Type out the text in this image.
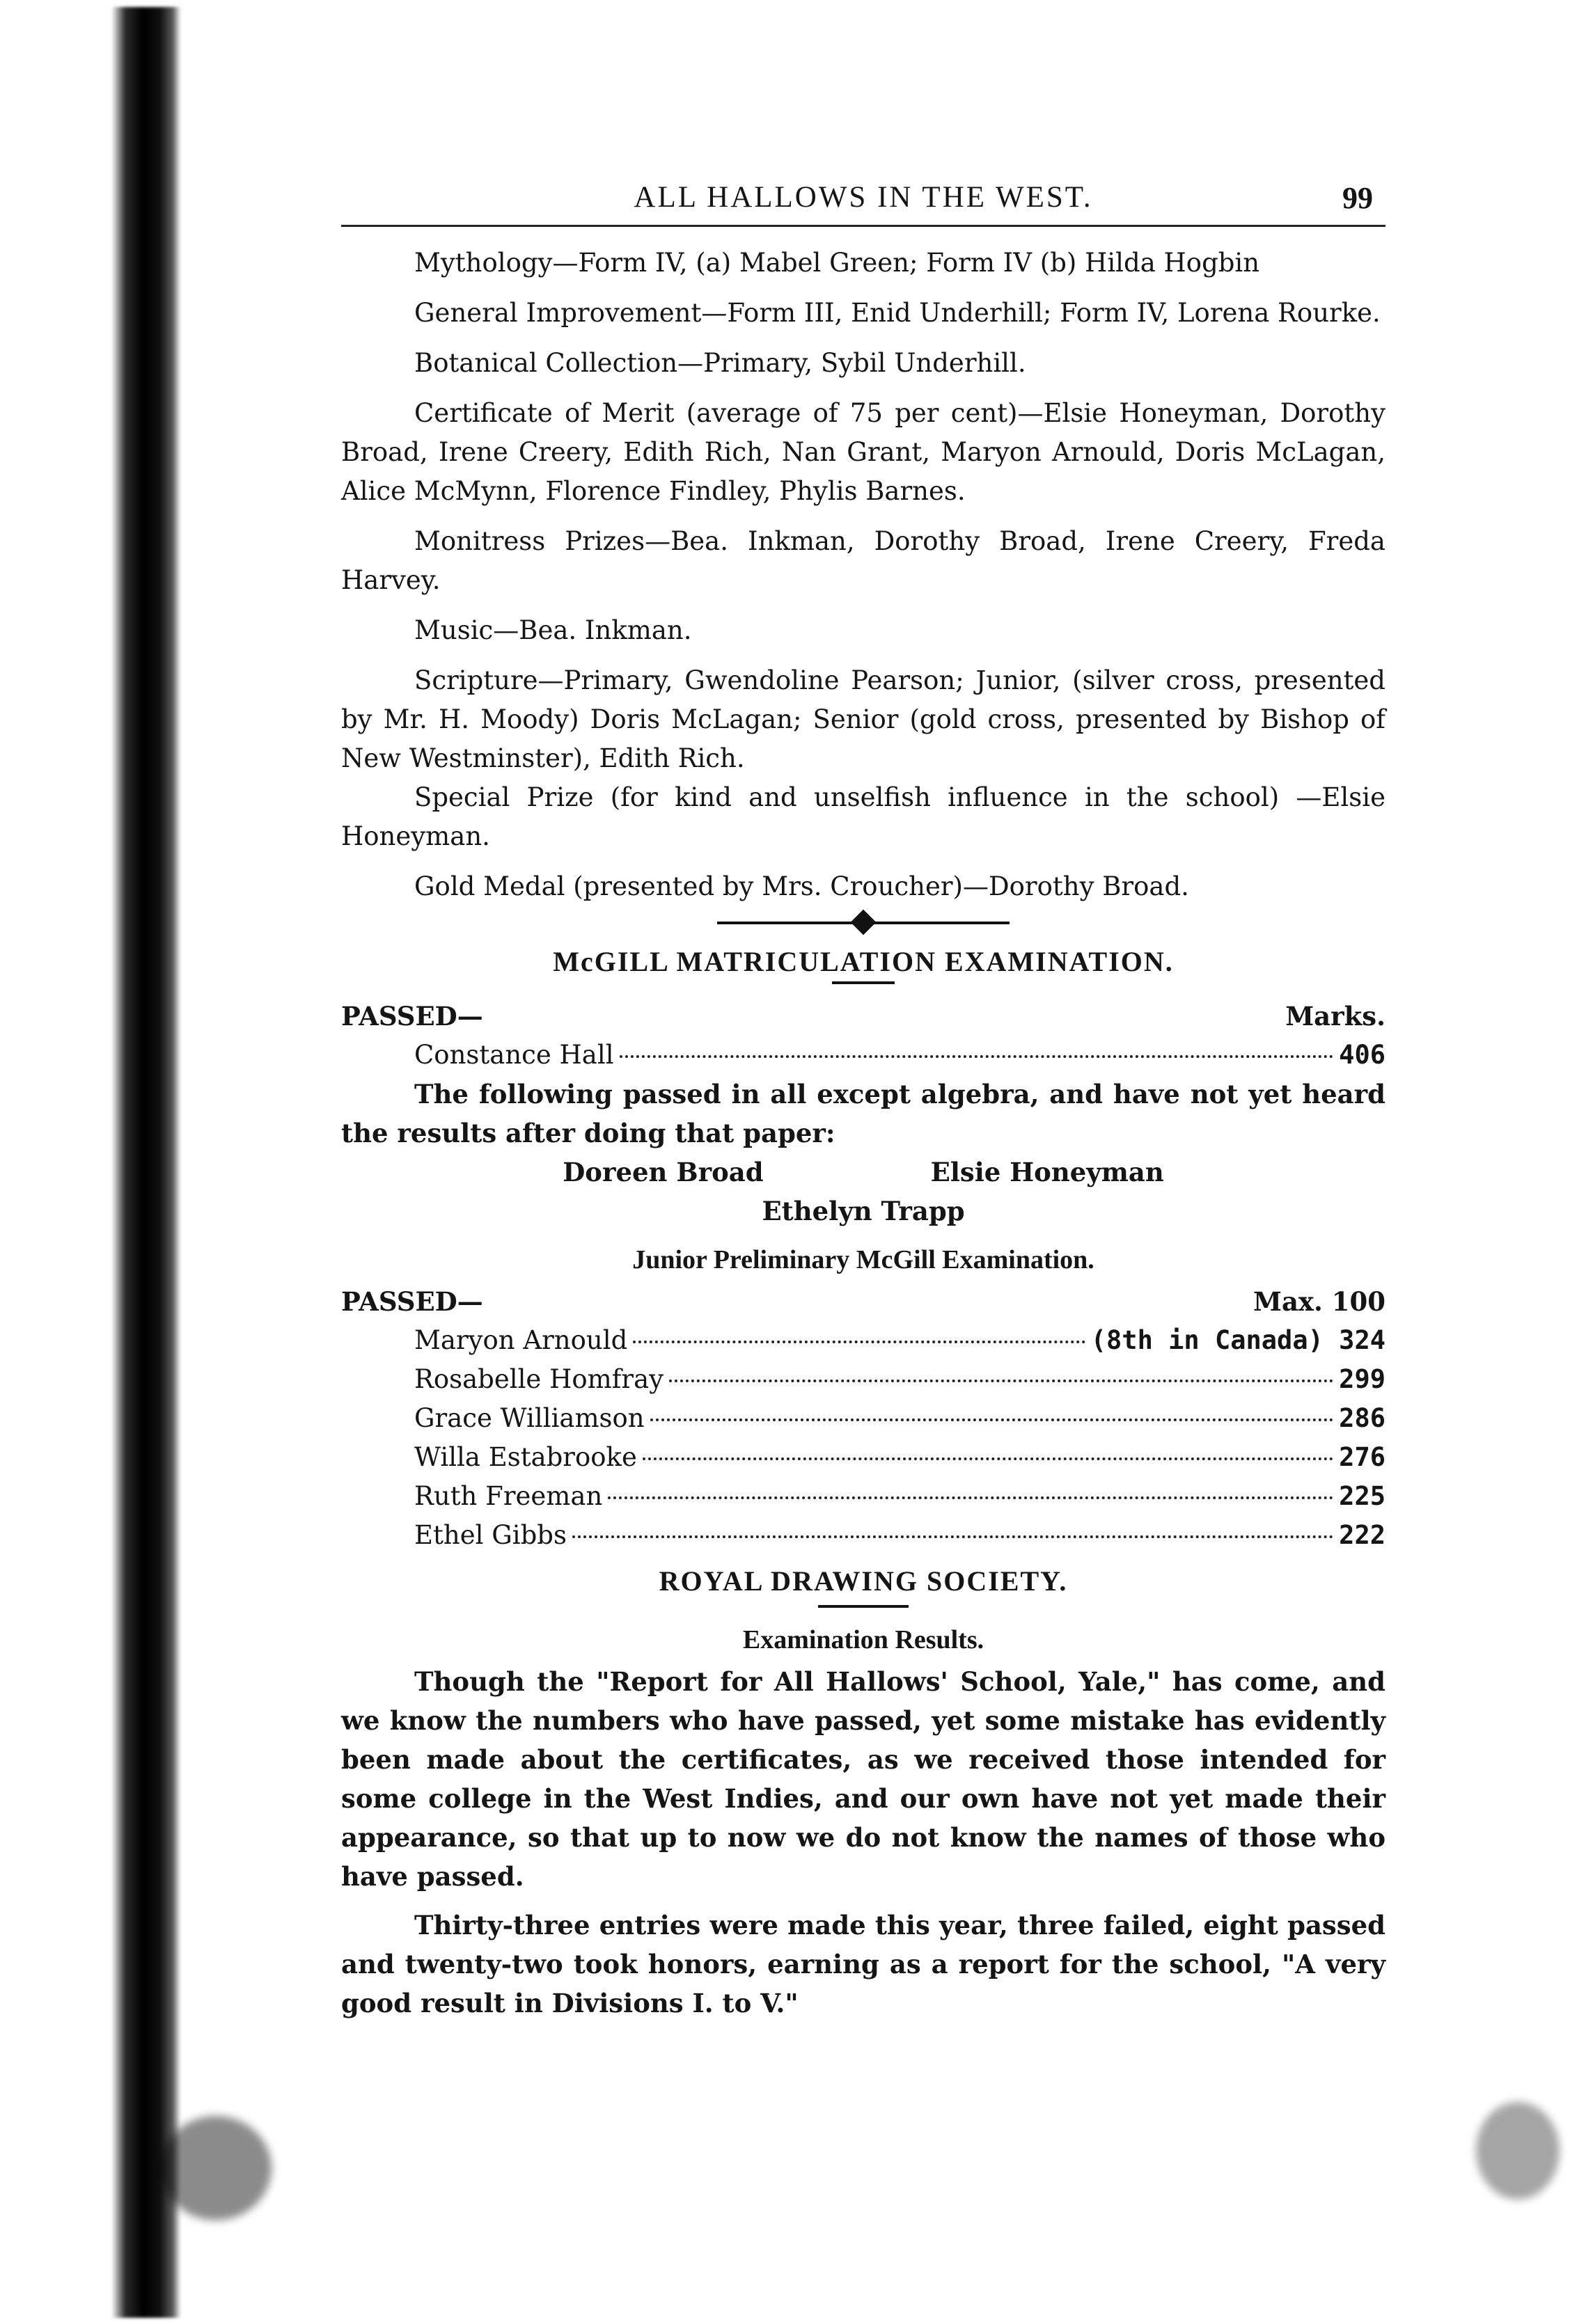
ALL HALLOWS IN THE WEST.	99

Mythology—Form IV, (a) Mabel Green; Form IV (b) Hilda Hogbin

General Improvement—Form III, Enid Underhill; Form IV, Lorena Rourke.

Botanical Collection—Primary, Sybil Underhill.

Certificate of Merit (average of 75 per cent)—Elsie Honeyman, Dorothy Broad, Irene Creery, Edith Rich, Nan Grant, Maryon Arnould, Doris McLagan, Alice McMynn, Florence Findley, Phylis Barnes.

Monitress Prizes—Bea. Inkman, Dorothy Broad, Irene Creery, Freda Harvey.

Music—Bea. Inkman.

Scripture—Primary, Gwendoline Pearson; Junior, (silver cross, presented by Mr. H. Moody) Doris McLagan; Senior (gold cross, presented by Bishop of New Westminster), Edith Rich.

Special Prize (for kind and unselfish influence in the school) —Elsie Honeyman.

Gold Medal (presented by Mrs. Croucher)—Dorothy Broad.

McGILL MATRICULATION EXAMINATION.
PASSED—	Marks.
Constance Hall	406

The following passed in all except algebra, and have not yet heard the results after doing that paper:

Doreen Broad	Elsie Honeyman
Ethelyn Trapp
Junior Preliminary McGill Examination.
PASSED—	Max. 100
Maryon Arnould	(8th in Canada) 324
Rosabelle Homfray	299
Grace Williamson	286
Willa Estabrooke	276
Ruth Freeman	225
Ethel Gibbs	222
ROYAL DRAWING SOCIETY.
Examination Results.

Though the "Report for All Hallows' School, Yale," has come, and we know the numbers who have passed, yet some mistake has evidently been made about the certificates, as we received those intended for some college in the West Indies, and our own have not yet made their appearance, so that up to now we do not know the names of those who have passed.

Thirty-three entries were made this year, three failed, eight passed and twenty-two took honors, earning as a report for the school, "A very good result in Divisions I. to V."
